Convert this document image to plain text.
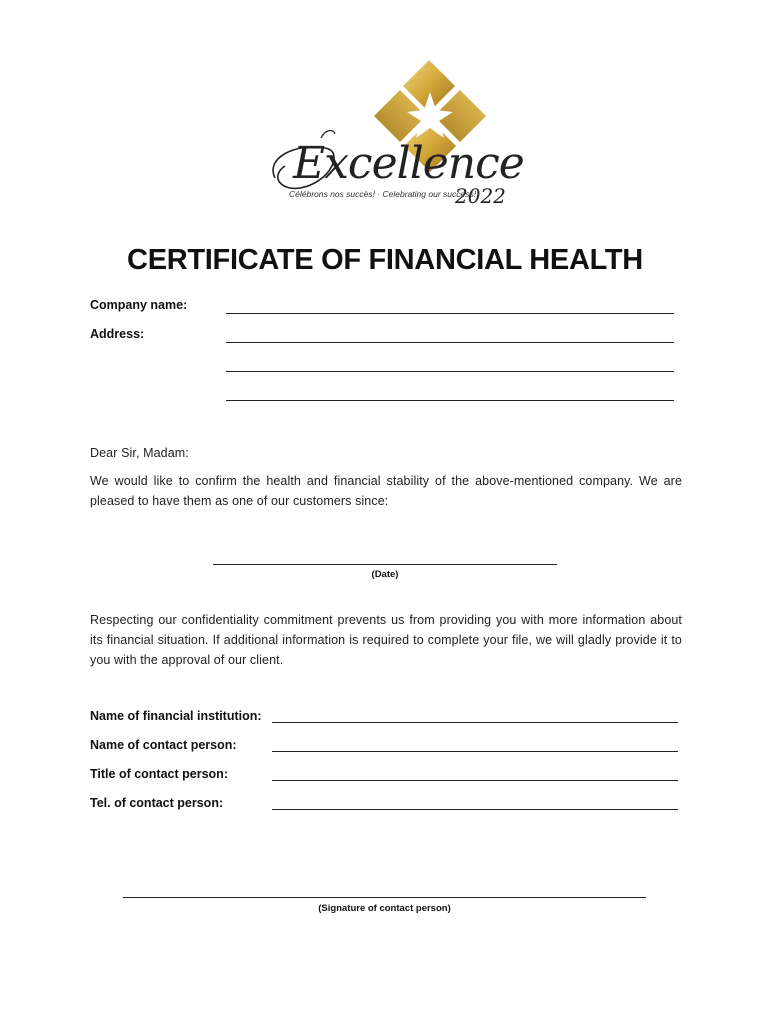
Excellence
2022
Célébrons nos succès! · Celebrating our success!
CERTIFICATE OF FINANCIAL HEALTH
Company name:
Address:
Dear Sir, Madam:
We would like to confirm the health and financial stability of the above-mentioned company. We are pleased to have them as one of our customers since:
(Date)
Respecting our confidentiality commitment prevents us from providing you with more information about its financial situation. If additional information is required to complete your file, we will gladly provide it to you with the approval of our client.
Name of financial institution:
Name of contact person:
Title of contact person:
Tel. of contact person:
(Signature of contact person)
